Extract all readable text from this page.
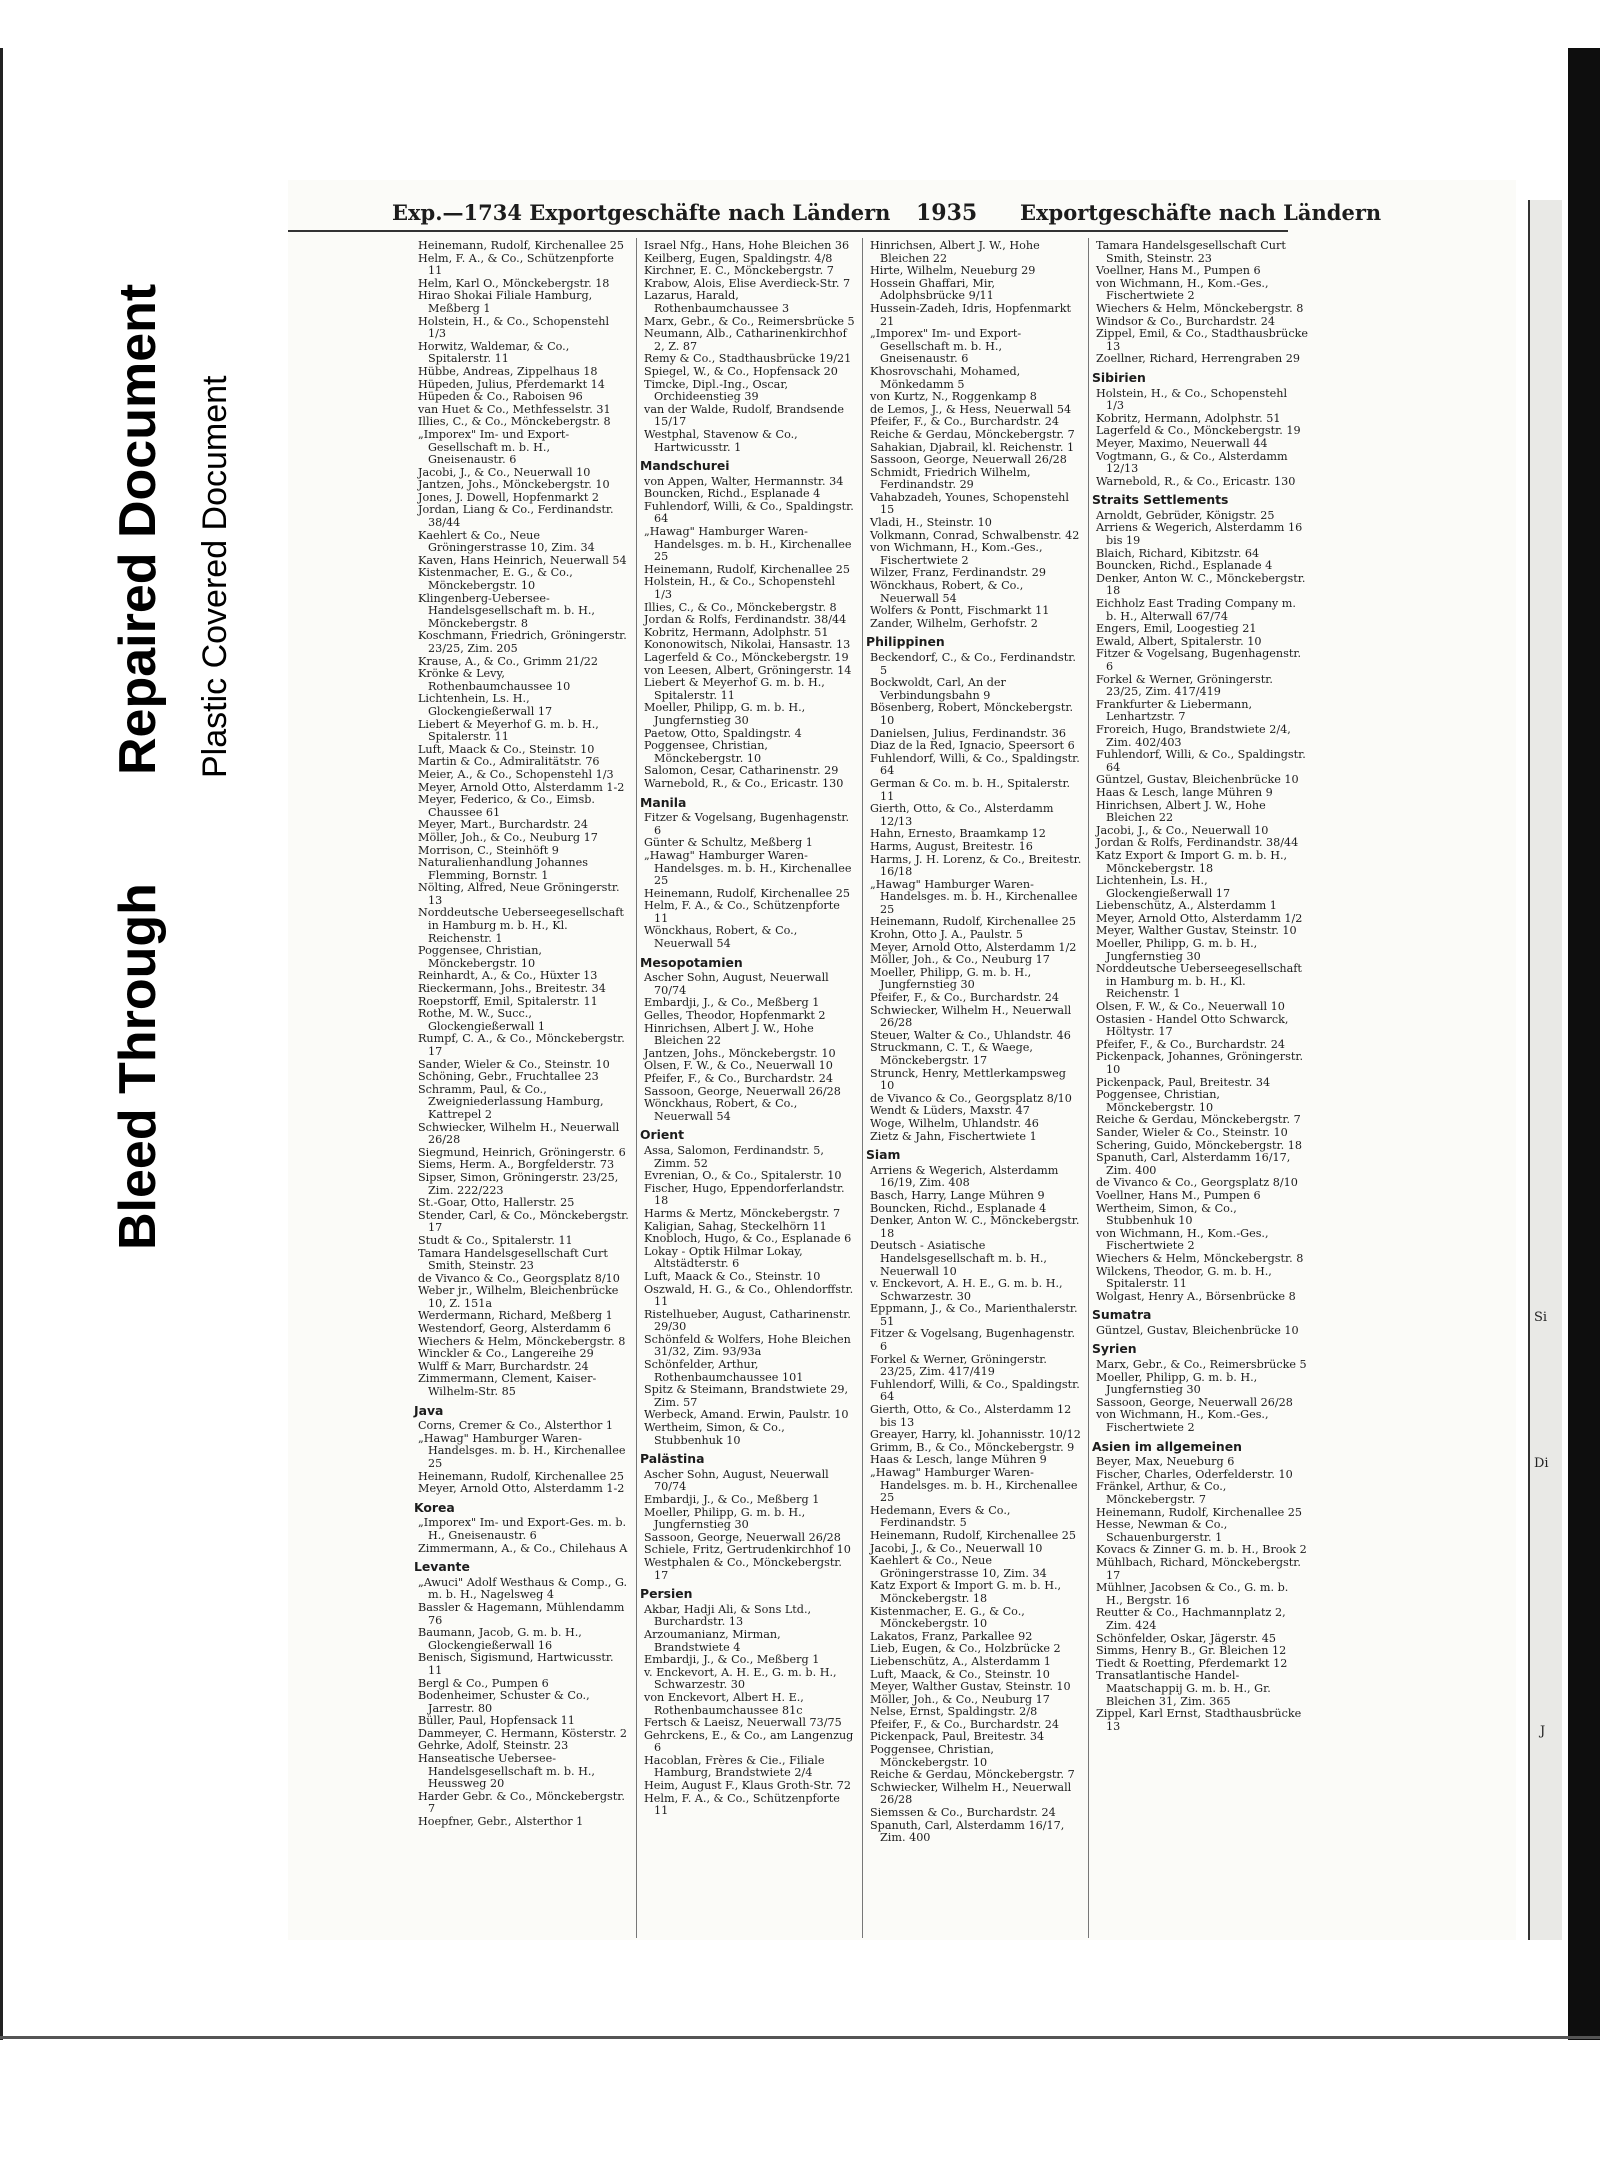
Bleed Through
Repaired Document Plastic Covered Document
Si
Di
J
Exp.—1734 Exportgeschäfte nach Ländern 1935 Exportgeschäfte nach Ländern
Heinemann, Rudolf, Kirchenallee 25
Helm, F. A., & Co., Schützenpforte 11
Helm, Karl O., Mönckebergstr. 18
Hirao Shokai Filiale Hamburg, Meßberg 1
Holstein, H., & Co., Schopenstehl 1/3
Horwitz, Waldemar, & Co., Spitalerstr. 11
Hübbe, Andreas, Zippelhaus 18
Hüpeden, Julius, Pferdemarkt 14
Hüpeden & Co., Raboisen 96
van Huet & Co., Methfesselstr. 31
Illies, C., & Co., Mönckebergstr. 8
„Imporex" Im- und Export-Gesellschaft m. b. H., Gneisenaustr. 6
Jacobi, J., & Co., Neuerwall 10
Jantzen, Johs., Mönckebergstr. 10
Jones, J. Dowell, Hopfenmarkt 2
Jordan, Liang & Co., Ferdinandstr. 38/44
Kaehlert & Co., Neue Gröningerstrasse 10, Zim. 34
Kaven, Hans Heinrich, Neuerwall 54
Kistenmacher, E. G., & Co., Mönckebergstr. 10
Klingenberg-Uebersee-Handelsgesellschaft m. b. H., Mönckebergstr. 8
Koschmann, Friedrich, Gröningerstr. 23/25, Zim. 205
Krause, A., & Co., Grimm 21/22
Krönke & Levy, Rothenbaumchaussee 10
Lichtenhein, Ls. H., Glockengießerwall 17
Liebert & Meyerhof G. m. b. H., Spitalerstr. 11
Luft, Maack & Co., Steinstr. 10
Martin & Co., Admiralitätstr. 76
Meier, A., & Co., Schopenstehl 1/3
Meyer, Arnold Otto, Alsterdamm 1-2
Meyer, Federico, & Co., Eimsb. Chaussee 61
Meyer, Mart., Burchardstr. 24
Möller, Joh., & Co., Neuburg 17
Morrison, C., Steinhöft 9
Naturalienhandlung Johannes Flemming, Bornstr. 1
Nölting, Alfred, Neue Gröningerstr. 13
Norddeutsche Ueberseegesellschaft in Hamburg m. b. H., Kl. Reichenstr. 1
Poggensee, Christian, Mönckebergstr. 10
Reinhardt, A., & Co., Hüxter 13
Rieckermann, Johs., Breitestr. 34
Roepstorff, Emil, Spitalerstr. 11
Rothe, M. W., Succ., Glockengießerwall 1
Rumpf, C. A., & Co., Mönckebergstr. 17
Sander, Wieler & Co., Steinstr. 10
Schöning, Gebr., Fruchtallee 23
Schramm, Paul, & Co., Zweigniederlassung Hamburg, Kattrepel 2
Schwiecker, Wilhelm H., Neuerwall 26/28
Siegmund, Heinrich, Gröningerstr. 6
Siems, Herm. A., Borgfelderstr. 73
Sipser, Simon, Gröningerstr. 23/25, Zim. 222/223
St.-Goar, Otto, Hallerstr. 25
Stender, Carl, & Co., Mönckebergstr. 17
Studt & Co., Spitalerstr. 11
Tamara Handelsgesellschaft Curt Smith, Steinstr. 23
de Vivanco & Co., Georgsplatz 8/10
Weber jr., Wilhelm, Bleichenbrücke 10, Z. 151a
Werdermann, Richard, Meßberg 1
Westendorf, Georg, Alsterdamm 6
Wiechers & Helm, Mönckebergstr. 8
Winckler & Co., Langereihe 29
Wulff & Marr, Burchardstr. 24
Zimmermann, Clement, Kaiser-Wilhelm-Str. 85
Java
Corns, Cremer & Co., Alsterthor 1
„Hawag" Hamburger Waren-Handelsges. m. b. H., Kirchenallee 25
Heinemann, Rudolf, Kirchenallee 25
Meyer, Arnold Otto, Alsterdamm 1-2
Korea
„Imporex" Im- und Export-Ges. m. b. H., Gneisenaustr. 6
Zimmermann, A., & Co., Chilehaus A
Levante
„Awuci" Adolf Westhaus & Comp., G. m. b. H., Nagelsweg 4
Bassler & Hagemann, Mühlendamm 76
Baumann, Jacob, G. m. b. H., Glockengießerwall 16
Benisch, Sigismund, Hartwicusstr. 11
Bergl & Co., Pumpen 6
Bodenheimer, Schuster & Co., Jarrestr. 80
Büller, Paul, Hopfensack 11
Dammeyer, C. Hermann, Kösterstr. 2
Gehrke, Adolf, Steinstr. 23
Hanseatische Uebersee-Handelsgesellschaft m. b. H., Heussweg 20
Harder Gebr. & Co., Mönckebergstr. 7
Hoepfner, Gebr., Alsterthor 1
Israel Nfg., Hans, Hohe Bleichen 36
Keilberg, Eugen, Spaldingstr. 4/8
Kirchner, E. C., Mönckebergstr. 7
Krabow, Alois, Elise Averdieck-Str. 7
Lazarus, Harald, Rothenbaumchaussee 3
Marx, Gebr., & Co., Reimersbrücke 5
Neumann, Alb., Catharinenkirchhof 2, Z. 87
Remy & Co., Stadthausbrücke 19/21
Spiegel, W., & Co., Hopfensack 20
Timcke, Dipl.-Ing., Oscar, Orchideenstieg 39
van der Walde, Rudolf, Brandsende 15/17
Westphal, Stavenow & Co., Hartwicusstr. 1
Mandschurei
von Appen, Walter, Hermannstr. 34
Bouncken, Richd., Esplanade 4
Fuhlendorf, Willi, & Co., Spaldingstr. 64
„Hawag" Hamburger Waren-Handelsges. m. b. H., Kirchenallee 25
Heinemann, Rudolf, Kirchenallee 25
Holstein, H., & Co., Schopenstehl 1/3
Illies, C., & Co., Mönckebergstr. 8
Jordan & Rolfs, Ferdinandstr. 38/44
Kobritz, Hermann, Adolphstr. 51
Kononowitsch, Nikolai, Hansastr. 13
Lagerfeld & Co., Mönckebergstr. 19
von Leesen, Albert, Gröningerstr. 14
Liebert & Meyerhof G. m. b. H., Spitalerstr. 11
Moeller, Philipp, G. m. b. H., Jungfernstieg 30
Paetow, Otto, Spaldingstr. 4
Poggensee, Christian, Mönckebergstr. 10
Salomon, Cesar, Catharinenstr. 29
Warnebold, R., & Co., Ericastr. 130
Manila
Fitzer & Vogelsang, Bugenhagenstr. 6
Günter & Schultz, Meßberg 1
„Hawag" Hamburger Waren-Handelsges. m. b. H., Kirchenallee 25
Heinemann, Rudolf, Kirchenallee 25
Helm, F. A., & Co., Schützenpforte 11
Wönckhaus, Robert, & Co., Neuerwall 54
Mesopotamien
Ascher Sohn, August, Neuerwall 70/74
Embardji, J., & Co., Meßberg 1
Gelles, Theodor, Hopfenmarkt 2
Hinrichsen, Albert J. W., Hohe Bleichen 22
Jantzen, Johs., Mönckebergstr. 10
Olsen, F. W., & Co., Neuerwall 10
Pfeifer, F., & Co., Burchardstr. 24
Sassoon, George, Neuerwall 26/28
Wönckhaus, Robert, & Co., Neuerwall 54
Orient
Assa, Salomon, Ferdinandstr. 5, Zimm. 52
Evrenian, O., & Co., Spitalerstr. 10
Fischer, Hugo, Eppendorferlandstr. 18
Harms & Mertz, Mönckebergstr. 7
Kaligian, Sahag, Steckelhörn 11
Knobloch, Hugo, & Co., Esplanade 6
Lokay - Optik Hilmar Lokay, Altstädterstr. 6
Luft, Maack & Co., Steinstr. 10
Oszwald, H. G., & Co., Ohlendorffstr. 11
Ristelhueber, August, Catharinenstr. 29/30
Schönfeld & Wolfers, Hohe Bleichen 31/32, Zim. 93/93a
Schönfelder, Arthur, Rothenbaumchaussee 101
Spitz & Steimann, Brandstwiete 29, Zim. 57
Werbeck, Amand. Erwin, Paulstr. 10
Wertheim, Simon, & Co., Stubbenhuk 10
Palästina
Ascher Sohn, August, Neuerwall 70/74
Embardji, J., & Co., Meßberg 1
Moeller, Philipp, G. m. b. H., Jungfernstieg 30
Sassoon, George, Neuerwall 26/28
Schiele, Fritz, Gertrudenkirchhof 10
Westphalen & Co., Mönckebergstr. 17
Persien
Akbar, Hadji Ali, & Sons Ltd., Burchardstr. 13
Arzoumanianz, Mirman, Brandstwiete 4
Embardji, J., & Co., Meßberg 1
v. Enckevort, A. H. E., G. m. b. H., Schwarzestr. 30
von Enckevort, Albert H. E., Rothenbaumchaussee 81c
Fertsch & Laeisz, Neuerwall 73/75
Gehrckens, E., & Co., am Langenzug 6
Hacoblan, Frères & Cie., Filiale Hamburg, Brandstwiete 2/4
Heim, August F., Klaus Groth-Str. 72
Helm, F. A., & Co., Schützenpforte 11
Hinrichsen, Albert J. W., Hohe Bleichen 22
Hirte, Wilhelm, Neueburg 29
Hossein Ghaffari, Mir, Adolphsbrücke 9/11
Hussein-Zadeh, Idris, Hopfenmarkt 21
„Imporex" Im- und Export-Gesellschaft m. b. H., Gneisenaustr. 6
Khosrovschahi, Mohamed, Mönkedamm 5
von Kurtz, N., Roggenkamp 8
de Lemos, J., & Hess, Neuerwall 54
Pfeifer, F., & Co., Burchardstr. 24
Reiche & Gerdau, Mönckebergstr. 7
Sahakian, Djabrail, kl. Reichenstr. 1
Sassoon, George, Neuerwall 26/28
Schmidt, Friedrich Wilhelm, Ferdinandstr. 29
Vahabzadeh, Younes, Schopenstehl 15
Vladi, H., Steinstr. 10
Volkmann, Conrad, Schwalbenstr. 42
von Wichmann, H., Kom.-Ges., Fischertwiete 2
Wilzer, Franz, Ferdinandstr. 29
Wönckhaus, Robert, & Co., Neuerwall 54
Wolfers & Pontt, Fischmarkt 11
Zander, Wilhelm, Gerhofstr. 2
Philippinen
Beckendorf, C., & Co., Ferdinandstr. 5
Bockwoldt, Carl, An der Verbindungsbahn 9
Bösenberg, Robert, Mönckebergstr. 10
Danielsen, Julius, Ferdinandstr. 36
Diaz de la Red, Ignacio, Speersort 6
Fuhlendorf, Willi, & Co., Spaldingstr. 64
German & Co. m. b. H., Spitalerstr. 11
Gierth, Otto, & Co., Alsterdamm 12/13
Hahn, Ernesto, Braamkamp 12
Harms, August, Breitestr. 16
Harms, J. H. Lorenz, & Co., Breitestr. 16/18
„Hawag" Hamburger Waren-Handelsges. m. b. H., Kirchenallee 25
Heinemann, Rudolf, Kirchenallee 25
Krohn, Otto J. A., Paulstr. 5
Meyer, Arnold Otto, Alsterdamm 1/2
Möller, Joh., & Co., Neuburg 17
Moeller, Philipp, G. m. b. H., Jungfernstieg 30
Pfeifer, F., & Co., Burchardstr. 24
Schwiecker, Wilhelm H., Neuerwall 26/28
Steuer, Walter & Co., Uhlandstr. 46
Struckmann, C. T., & Waege, Mönckebergstr. 17
Strunck, Henry, Mettlerkampsweg 10
de Vivanco & Co., Georgsplatz 8/10
Wendt & Lüders, Maxstr. 47
Woge, Wilhelm, Uhlandstr. 46
Zietz & Jahn, Fischertwiete 1
Siam
Arriens & Wegerich, Alsterdamm 16/19, Zim. 408
Basch, Harry, Lange Mühren 9
Bouncken, Richd., Esplanade 4
Denker, Anton W. C., Mönckebergstr. 18
Deutsch - Asiatische Handelsgesellschaft m. b. H., Neuerwall 10
v. Enckevort, A. H. E., G. m. b. H., Schwarzestr. 30
Eppmann, J., & Co., Marienthalerstr. 51
Fitzer & Vogelsang, Bugenhagenstr. 6
Forkel & Werner, Gröningerstr. 23/25, Zim. 417/419
Fuhlendorf, Willi, & Co., Spaldingstr. 64
Gierth, Otto, & Co., Alsterdamm 12 bis 13
Greayer, Harry, kl. Johannisstr. 10/12
Grimm, B., & Co., Mönckebergstr. 9
Haas & Lesch, lange Mühren 9
„Hawag" Hamburger Waren-Handelsges. m. b. H., Kirchenallee 25
Hedemann, Evers & Co., Ferdinandstr. 5
Heinemann, Rudolf, Kirchenallee 25
Jacobi, J., & Co., Neuerwall 10
Kaehlert & Co., Neue Gröningerstrasse 10, Zim. 34
Katz Export & Import G. m. b. H., Mönckebergstr. 18
Kistenmacher, E. G., & Co., Mönckebergstr. 10
Lakatos, Franz, Parkallee 92
Lieb, Eugen, & Co., Holzbrücke 2
Liebenschütz, A., Alsterdamm 1
Luft, Maack, & Co., Steinstr. 10
Meyer, Walther Gustav, Steinstr. 10
Möller, Joh., & Co., Neuburg 17
Nelse, Ernst, Spaldingstr. 2/8
Pfeifer, F., & Co., Burchardstr. 24
Pickenpack, Paul, Breitestr. 34
Poggensee, Christian, Mönckebergstr. 10
Reiche & Gerdau, Mönckebergstr. 7
Schwiecker, Wilhelm H., Neuerwall 26/28
Siemssen & Co., Burchardstr. 24
Spanuth, Carl, Alsterdamm 16/17, Zim. 400
Tamara Handelsgesellschaft Curt Smith, Steinstr. 23
Voellner, Hans M., Pumpen 6
von Wichmann, H., Kom.-Ges., Fischertwiete 2
Wiechers & Helm, Mönckebergstr. 8
Windsor & Co., Burchardstr. 24
Zippel, Emil, & Co., Stadthausbrücke 13
Zoellner, Richard, Herrengraben 29
Sibirien
Holstein, H., & Co., Schopenstehl 1/3
Kobritz, Hermann, Adolphstr. 51
Lagerfeld & Co., Mönckebergstr. 19
Meyer, Maximo, Neuerwall 44
Vogtmann, G., & Co., Alsterdamm 12/13
Warnebold, R., & Co., Ericastr. 130
Straits Settlements
Arnoldt, Gebrüder, Königstr. 25
Arriens & Wegerich, Alsterdamm 16 bis 19
Blaich, Richard, Kibitzstr. 64
Bouncken, Richd., Esplanade 4
Denker, Anton W. C., Mönckebergstr. 18
Eichholz East Trading Company m. b. H., Alterwall 67/74
Engers, Emil, Loogestieg 21
Ewald, Albert, Spitalerstr. 10
Fitzer & Vogelsang, Bugenhagenstr. 6
Forkel & Werner, Gröningerstr. 23/25, Zim. 417/419
Frankfurter & Liebermann, Lenhartzstr. 7
Froreich, Hugo, Brandstwiete 2/4, Zim. 402/403
Fuhlendorf, Willi, & Co., Spaldingstr. 64
Güntzel, Gustav, Bleichenbrücke 10
Haas & Lesch, lange Mühren 9
Hinrichsen, Albert J. W., Hohe Bleichen 22
Jacobi, J., & Co., Neuerwall 10
Jordan & Rolfs, Ferdinandstr. 38/44
Katz Export & Import G. m. b. H., Mönckebergstr. 18
Lichtenhein, Ls. H., Glockengießerwall 17
Liebenschütz, A., Alsterdamm 1
Meyer, Arnold Otto, Alsterdamm 1/2
Meyer, Walther Gustav, Steinstr. 10
Moeller, Philipp, G. m. b. H., Jungfernstieg 30
Norddeutsche Ueberseegesellschaft in Hamburg m. b. H., Kl. Reichenstr. 1
Olsen, F. W., & Co., Neuerwall 10
Ostasien - Handel Otto Schwarck, Höltystr. 17
Pfeifer, F., & Co., Burchardstr. 24
Pickenpack, Johannes, Gröningerstr. 10
Pickenpack, Paul, Breitestr. 34
Poggensee, Christian, Mönckebergstr. 10
Reiche & Gerdau, Mönckebergstr. 7
Sander, Wieler & Co., Steinstr. 10
Schering, Guido, Mönckebergstr. 18
Spanuth, Carl, Alsterdamm 16/17, Zim. 400
de Vivanco & Co., Georgsplatz 8/10
Voellner, Hans M., Pumpen 6
Wertheim, Simon, & Co., Stubbenhuk 10
von Wichmann, H., Kom.-Ges., Fischertwiete 2
Wiechers & Helm, Mönckebergstr. 8
Wilckens, Theodor, G. m. b. H., Spitalerstr. 11
Wolgast, Henry A., Börsenbrücke 8
Sumatra
Güntzel, Gustav, Bleichenbrücke 10
Syrien
Marx, Gebr., & Co., Reimersbrücke 5
Moeller, Philipp, G. m. b. H., Jungfernstieg 30
Sassoon, George, Neuerwall 26/28
von Wichmann, H., Kom.-Ges., Fischertwiete 2
Asien im allgemeinen
Beyer, Max, Neueburg 6
Fischer, Charles, Oderfelderstr. 10
Fränkel, Arthur, & Co., Mönckebergstr. 7
Heinemann, Rudolf, Kirchenallee 25
Hesse, Newman & Co., Schauenburgerstr. 1
Kovacs & Zinner G. m. b. H., Brook 2
Mühlbach, Richard, Mönckebergstr. 17
Mühlner, Jacobsen & Co., G. m. b. H., Bergstr. 16
Reutter & Co., Hachmannplatz 2, Zim. 424
Schönfelder, Oskar, Jägerstr. 45
Simms, Henry B., Gr. Bleichen 12
Tiedt & Roetting, Pferdemarkt 12
Transatlantische Handel-Maatschappij G. m. b. H., Gr. Bleichen 31, Zim. 365
Zippel, Karl Ernst, Stadthausbrücke 13
